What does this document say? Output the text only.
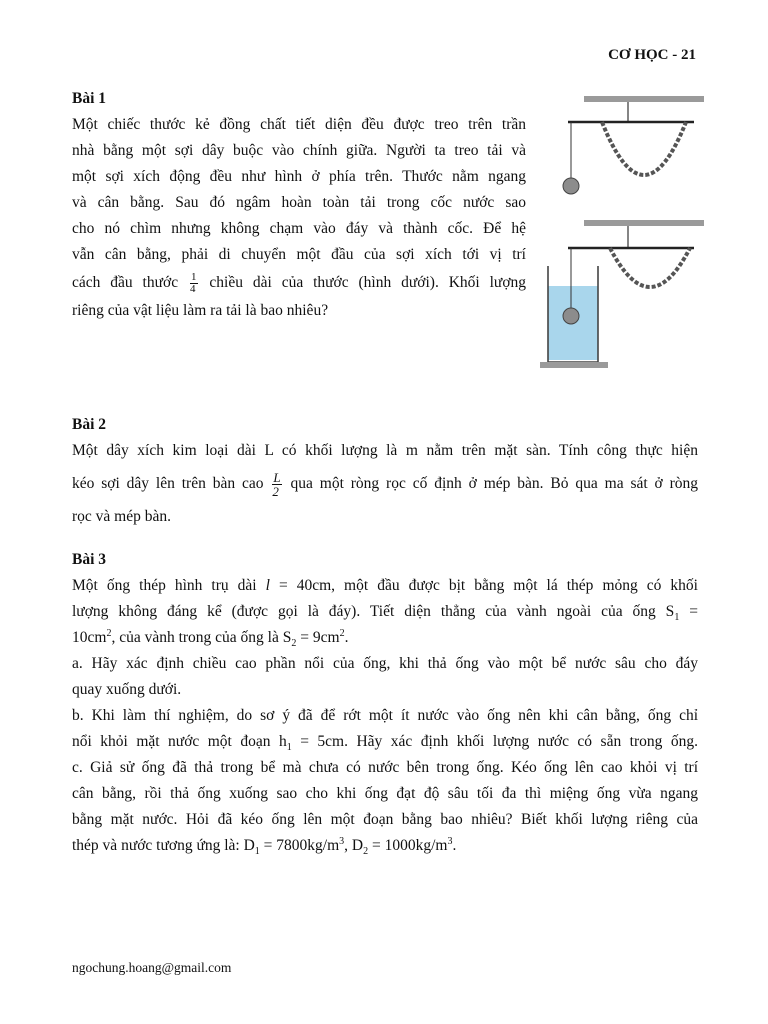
CƠ HỌC - 21
Bài 1
Một chiếc thước kẻ đồng chất tiết diện đều được treo trên trần
nhà bằng một sợi dây buộc vào chính giữa. Người ta treo tải và
một sợi xích động đều như hình ở phía trên. Thước nằm ngang
và cân bằng. Sau đó ngâm hoàn toàn tải trong cốc nước sao
cho nó chìm nhưng không chạm vào đáy và thành cốc. Để hệ
vẫn cân bằng, phải di chuyển một đầu của sợi xích tới vị trí
cách đầu thước $\frac{1}{4}$ chiều dài của thước (hình dưới). Khối lượng
riêng của vật liệu làm ra tải là bao nhiêu?
Bài 2
Một dây xích kim loại dài L có khối lượng là m nằm trên mặt sàn. Tính công thực hiện
kéo sợi dây lên trên bàn cao $\frac{L}{2}$ qua một ròng rọc cố định ở mép bàn. Bỏ qua ma sát ở ròng
rọc và mép bàn.
Bài 3
Một ống thép hình trụ dài l = 40cm, một đầu được bịt bằng một lá thép mỏng có khối
lượng không đáng kể (được gọi là đáy). Tiết diện thẳng của vành ngoài của ống $S_1$ =
$10cm^2$, của vành trong của ống là $S_2 = 9cm^2$.
a. Hãy xác định chiều cao phần nổi của ống, khi thả ống vào một bể nước sâu cho đáy
quay xuống dưới.
b. Khi làm thí nghiệm, do sơ ý đã để rớt một ít nước vào ống nên khi cân bằng, ống chỉ
nổi khỏi mặt nước một đoạn $h_1 = 5cm$. Hãy xác định khối lượng nước có sẵn trong ống.
c. Giả sử ống đã thả trong bể mà chưa có nước bên trong ống. Kéo ống lên cao khỏi vị trí
cân bằng, rồi thả ống xuống sao cho khi ống đạt độ sâu tối đa thì miệng ống vừa ngang
bằng mặt nước. Hỏi đã kéo ống lên một đoạn bằng bao nhiêu? Biết khối lượng riêng của
thép và nước tương ứng là: $D_1 = 7800kg/m^3$, $D_2 = 1000kg/m^3$.
ngochung.hoang@gmail.com
